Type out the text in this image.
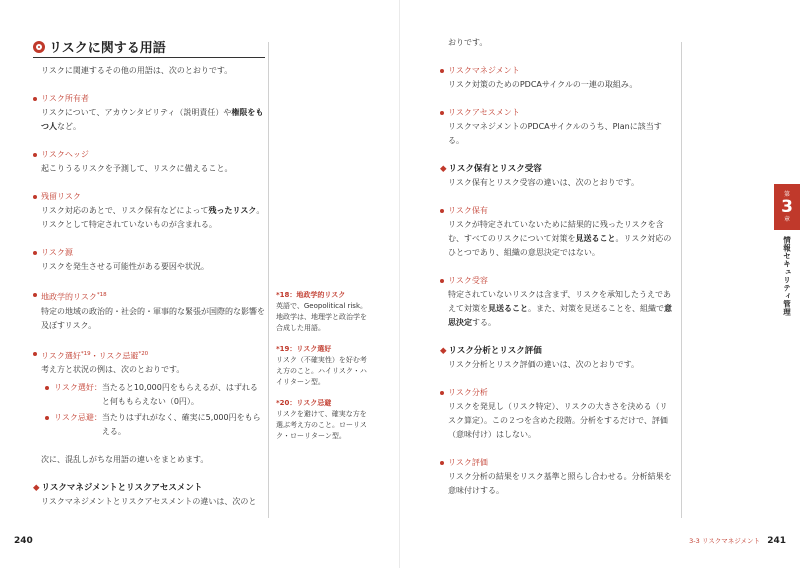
リスクに関する用語
リスクに関連するその他の用語は、次のとおりです。
リスク所有者
リスクについて、アカウンタビリティ（説明責任）や権限をもつ人など。
リスクヘッジ
起こりうるリスクを予測して、リスクに備えること。
残留リスク
リスク対応のあとで、リスク保有などによって残ったリスク。リスクとして特定されていないものが含まれる。
リスク源
リスクを発生させる可能性がある要因や状況。
地政学的リスク$^{*18}$
特定の地域の政治的・社会的・軍事的な緊張が国際的な影響を及ぼすリスク。
リスク選好$^{*19}$・リスク忌避$^{*20}$
考え方と状況の例は、次のとおりです。
リスク選好： 当たると10,000円をもらえるが、はずれると何ももらえない（0円）。
リスク忌避： 当たりはずれがなく、確実に5,000円をもらえる。
次に、混乱しがちな用語の違いをまとめます。
◆ リスクマネジメントとリスクアセスメント
リスクマネジメントとリスクアセスメントの違いは、次のと
*18：地政学的リスク
英語で、Geopolitical risk。地政学は、地理学と政治学を合成した用語。
*19：リスク選好
リスク（不確実性）を好む考え方のこと。ハイリスク・ハイリターン型。
*20：リスク忌避
リスクを避けて、確実な方を選ぶ考え方のこと。ローリスク・ローリターン型。
240
おりです。
リスクマネジメント
リスク対策のためのPDCAサイクルの一連の取組み。
リスクアセスメント
リスクマネジメントのPDCAサイクルのうち、Planに該当する。
◆ リスク保有とリスク受容
リスク保有とリスク受容の違いは、次のとおりです。
リスク保有
リスクが特定されていないために結果的に残ったリスクを含む、すべてのリスクについて対策を見送ること。リスク対応のひとつであり、組織の意思決定ではない。
リスク受容
特定されていないリスクは含まず、リスクを承知したうえであえて対策を見送ること。また、対策を見送ることを、組織で意思決定する。
◆ リスク分析とリスク評価
リスク分析とリスク評価の違いは、次のとおりです。
リスク分析
リスクを発見し（リスク特定）、リスクの大きさを決める（リスク算定）。この２つを含めた段階。分析をするだけで、評価（意味付け）はしない。
リスク評価
リスク分析の結果をリスク基準と照らし合わせる。分析結果を意味付けする。
3-3 リスクマネジメント 241
第
3
章
情報セキュリティ管理
